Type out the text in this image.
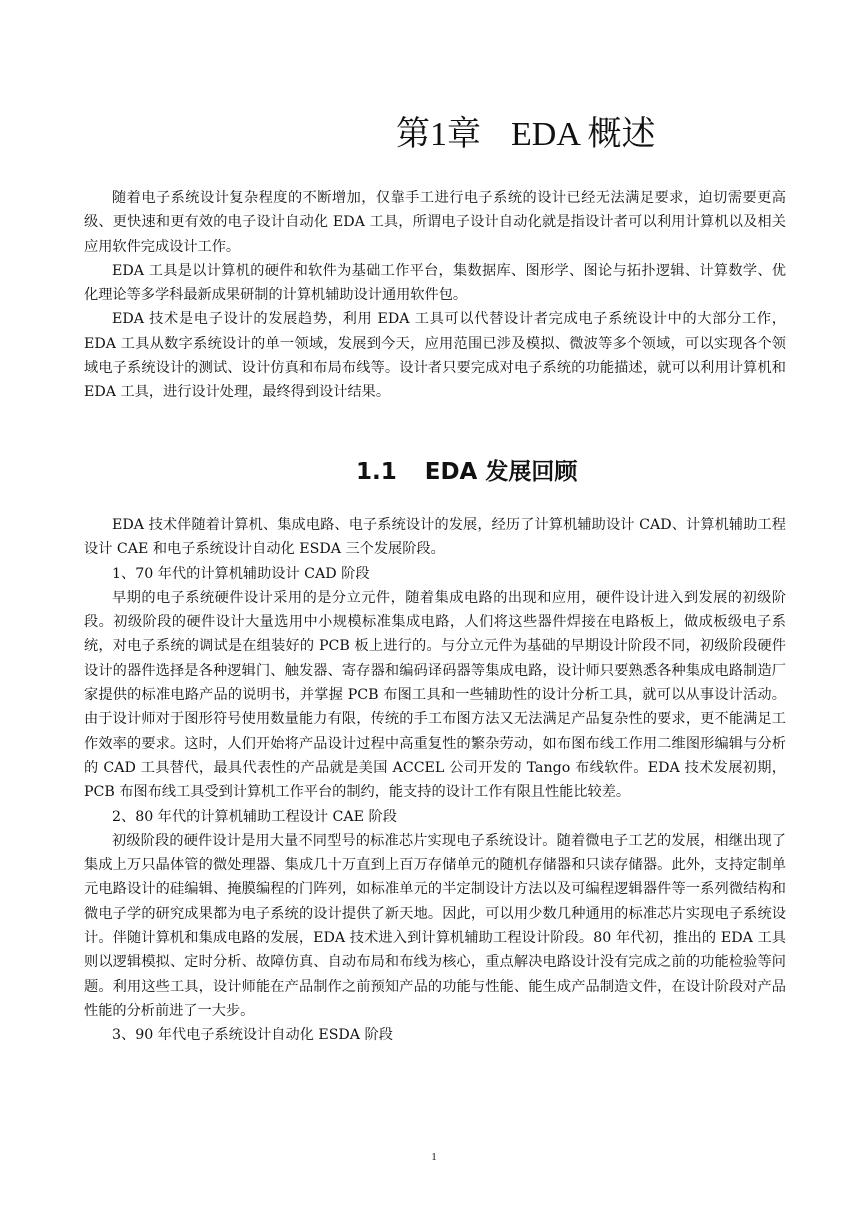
第1章 EDA 概述

随着电子系统设计复杂程度的不断增加，仅靠手工进行电子系统的设计已经无法满足要求，迫切需要更高级、更快速和更有效的电子设计自动化 EDA 工具，所谓电子设计自动化就是指设计者可以利用计算机以及相关应用软件完成设计工作。

EDA 工具是以计算机的硬件和软件为基础工作平台，集数据库、图形学、图论与拓扑逻辑、计算数学、优化理论等多学科最新成果研制的计算机辅助设计通用软件包。

EDA 技术是电子设计的发展趋势，利用 EDA 工具可以代替设计者完成电子系统设计中的大部分工作，EDA 工具从数字系统设计的单一领域，发展到今天，应用范围已涉及模拟、微波等多个领域，可以实现各个领域电子系统设计的测试、设计仿真和布局布线等。设计者只要完成对电子系统的功能描述，就可以利用计算机和 EDA 工具，进行设计处理，最终得到设计结果。

1.1 EDA 发展回顾

EDA 技术伴随着计算机、集成电路、电子系统设计的发展，经历了计算机辅助设计 CAD、计算机辅助工程设计 CAE 和电子系统设计自动化 ESDA 三个发展阶段。

1、70 年代的计算机辅助设计 CAD 阶段

早期的电子系统硬件设计采用的是分立元件，随着集成电路的出现和应用，硬件设计进入到发展的初级阶段。初级阶段的硬件设计大量选用中小规模标准集成电路，人们将这些器件焊接在电路板上，做成板级电子系统，对电子系统的调试是在组装好的 PCB 板上进行的。与分立元件为基础的早期设计阶段不同，初级阶段硬件设计的器件选择是各种逻辑门、触发器、寄存器和编码译码器等集成电路，设计师只要熟悉各种集成电路制造厂家提供的标准电路产品的说明书，并掌握 PCB 布图工具和一些辅助性的设计分析工具，就可以从事设计活动。由于设计师对于图形符号使用数量能力有限，传统的手工布图方法又无法满足产品复杂性的要求，更不能满足工作效率的要求。这时，人们开始将产品设计过程中高重复性的繁杂劳动，如布图布线工作用二维图形编辑与分析的 CAD 工具替代，最具代表性的产品就是美国 ACCEL 公司开发的 Tango 布线软件。EDA 技术发展初期，PCB 布图布线工具受到计算机工作平台的制约，能支持的设计工作有限且性能比较差。

2、80 年代的计算机辅助工程设计 CAE 阶段

初级阶段的硬件设计是用大量不同型号的标准芯片实现电子系统设计。随着微电子工艺的发展，相继出现了集成上万只晶体管的微处理器、集成几十万直到上百万存储单元的随机存储器和只读存储器。此外，支持定制单元电路设计的硅编辑、掩膜编程的门阵列，如标准单元的半定制设计方法以及可编程逻辑器件等一系列微结构和微电子学的研究成果都为电子系统的设计提供了新天地。因此，可以用少数几种通用的标准芯片实现电子系统设计。伴随计算机和集成电路的发展，EDA 技术进入到计算机辅助工程设计阶段。80 年代初，推出的 EDA 工具则以逻辑模拟、定时分析、故障仿真、自动布局和布线为核心，重点解决电路设计没有完成之前的功能检验等问题。利用这些工具，设计师能在产品制作之前预知产品的功能与性能、能生成产品制造文件，在设计阶段对产品性能的分析前进了一大步。

3、90 年代电子系统设计自动化 ESDA 阶段

1
